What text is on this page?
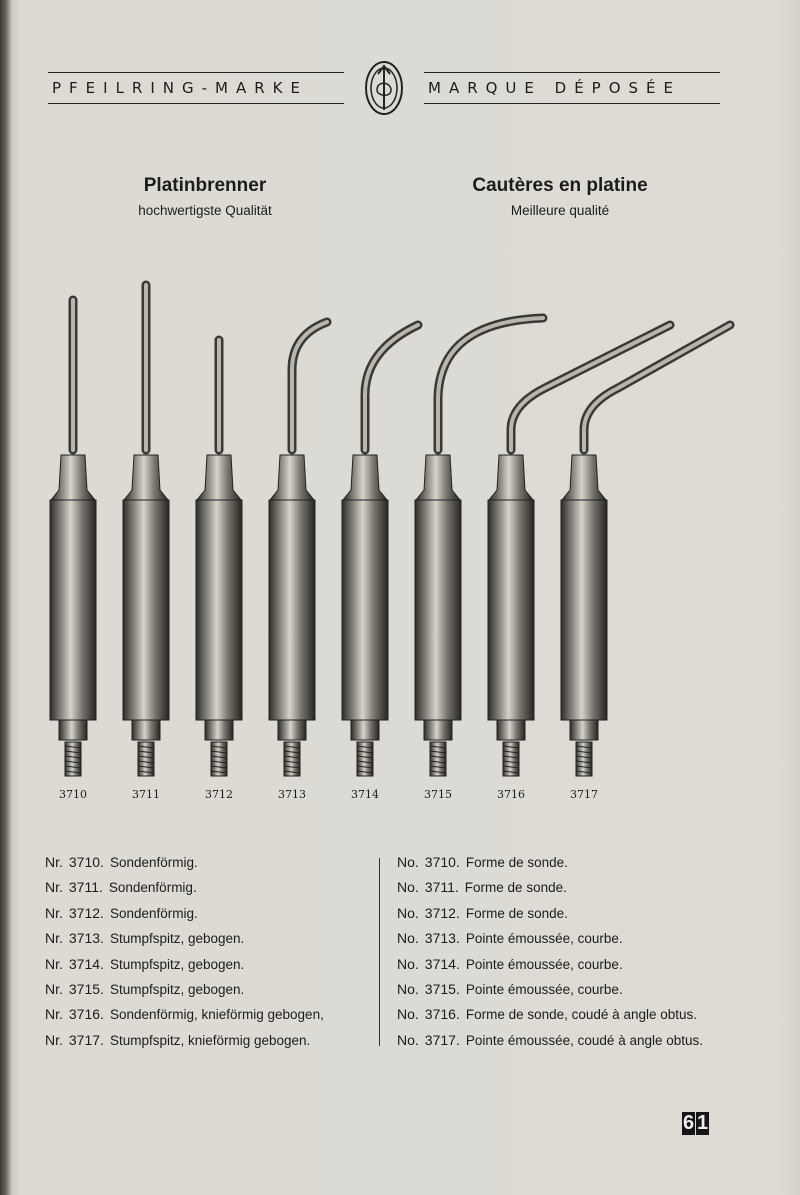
PFEILRING-MARKE	MARQUE DÉPOSÉE
Platinbrenner
hochwertigste Qualität
Cautères en platine
Meilleure qualité
3710	3711	3712	3713	3714	3715	3716	3717
Nr. 3710. Sondenförmig.
Nr. 3711. Sondenförmig.
Nr. 3712. Sondenförmig.
Nr. 3713. Stumpfspitz, gebogen.
Nr. 3714. Stumpfspitz, gebogen.
Nr. 3715. Stumpfspitz, gebogen.
Nr. 3716. Sondenförmig, knieförmig gebogen,
Nr. 3717. Stumpfspitz, knieförmig gebogen.
No. 3710. Forme de sonde.
No. 3711. Forme de sonde.
No. 3712. Forme de sonde.
No. 3713. Pointe émoussée, courbe.
No. 3714. Pointe émoussée, courbe.
No. 3715. Pointe émoussée, courbe.
No. 3716. Forme de sonde, coudé à angle obtus.
No. 3717. Pointe émoussée, coudé à angle obtus.
6 1
